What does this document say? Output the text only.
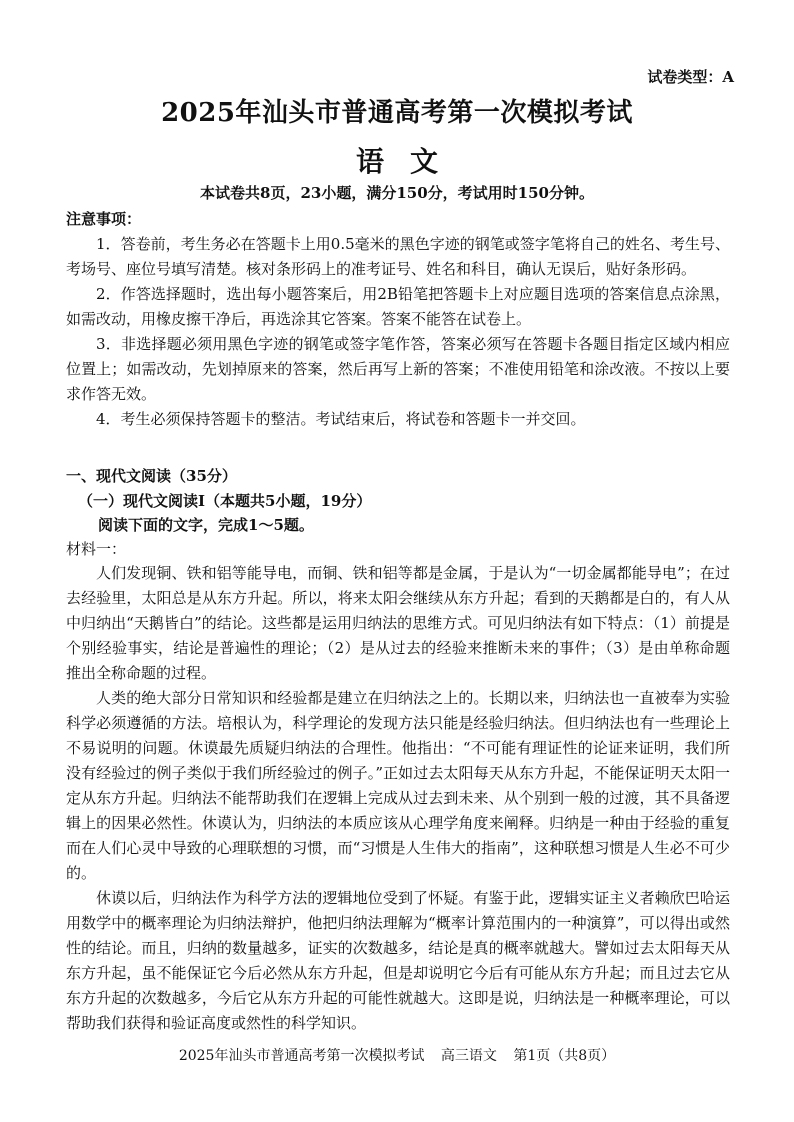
试卷类型：A
2025年汕头市普通高考第一次模拟考试
语文
本试卷共8页，23小题，满分150分，考试用时150分钟。
注意事项：

1．答卷前，考生务必在答题卡上用0.5毫米的黑色字迹的钢笔或签字笔将自己的姓名、考生号、考场号、座位号填写清楚。核对条形码上的准考证号、姓名和科目，确认无误后，贴好条形码。

2．作答选择题时，选出每小题答案后，用2B铅笔把答题卡上对应题目选项的答案信息点涂黑，如需改动，用橡皮擦干净后，再选涂其它答案。答案不能答在试卷上。

3．非选择题必须用黑色字迹的钢笔或签字笔作答，答案必须写在答题卡各题目指定区域内相应位置上；如需改动，先划掉原来的答案，然后再写上新的答案；不准使用铅笔和涂改液。不按以上要求作答无效。

4．考生必须保持答题卡的整洁。考试结束后，将试卷和答题卡一并交回。

一、现代文阅读（35分）
（一）现代文阅读Ⅰ（本题共5小题，19分）
阅读下面的文字，完成1～5题。
材料一：

人们发现铜、铁和铝等能导电，而铜、铁和铝等都是金属，于是认为“一切金属都能导电”；在过去经验里，太阳总是从东方升起。所以，将来太阳会继续从东方升起；看到的天鹅都是白的，有人从中归纳出“天鹅皆白”的结论。这些都是运用归纳法的思维方式。可见归纳法有如下特点：（1）前提是个别经验事实，结论是普遍性的理论；（2）是从过去的经验来推断未来的事件；（3）是由单称命题推出全称命题的过程。

人类的绝大部分日常知识和经验都是建立在归纳法之上的。长期以来，归纳法也一直被奉为实验科学必须遵循的方法。培根认为，科学理论的发现方法只能是经验归纳法。但归纳法也有一些理论上不易说明的问题。休谟最先质疑归纳法的合理性。他指出：“不可能有理证性的论证来证明，我们所没有经验过的例子类似于我们所经验过的例子。”正如过去太阳每天从东方升起，不能保证明天太阳一定从东方升起。归纳法不能帮助我们在逻辑上完成从过去到未来、从个别到一般的过渡，其不具备逻辑上的因果必然性。休谟认为，归纳法的本质应该从心理学角度来阐释。归纳是一种由于经验的重复而在人们心灵中导致的心理联想的习惯，而“习惯是人生伟大的指南”，这种联想习惯是人生必不可少的。

休谟以后，归纳法作为科学方法的逻辑地位受到了怀疑。有鉴于此，逻辑实证主义者赖欣巴哈运用数学中的概率理论为归纳法辩护，他把归纳法理解为“概率计算范围内的一种演算”，可以得出或然性的结论。而且，归纳的数量越多，证实的次数越多，结论是真的概率就越大。譬如过去太阳每天从东方升起，虽不能保证它今后必然从东方升起，但是却说明它今后有可能从东方升起；而且过去它从东方升起的次数越多，今后它从东方升起的可能性就越大。这即是说，归纳法是一种概率理论，可以帮助我们获得和验证高度或然性的科学知识。

2025年汕头市普通高考第一次模拟考试 高三语文 第1页（共8页）
